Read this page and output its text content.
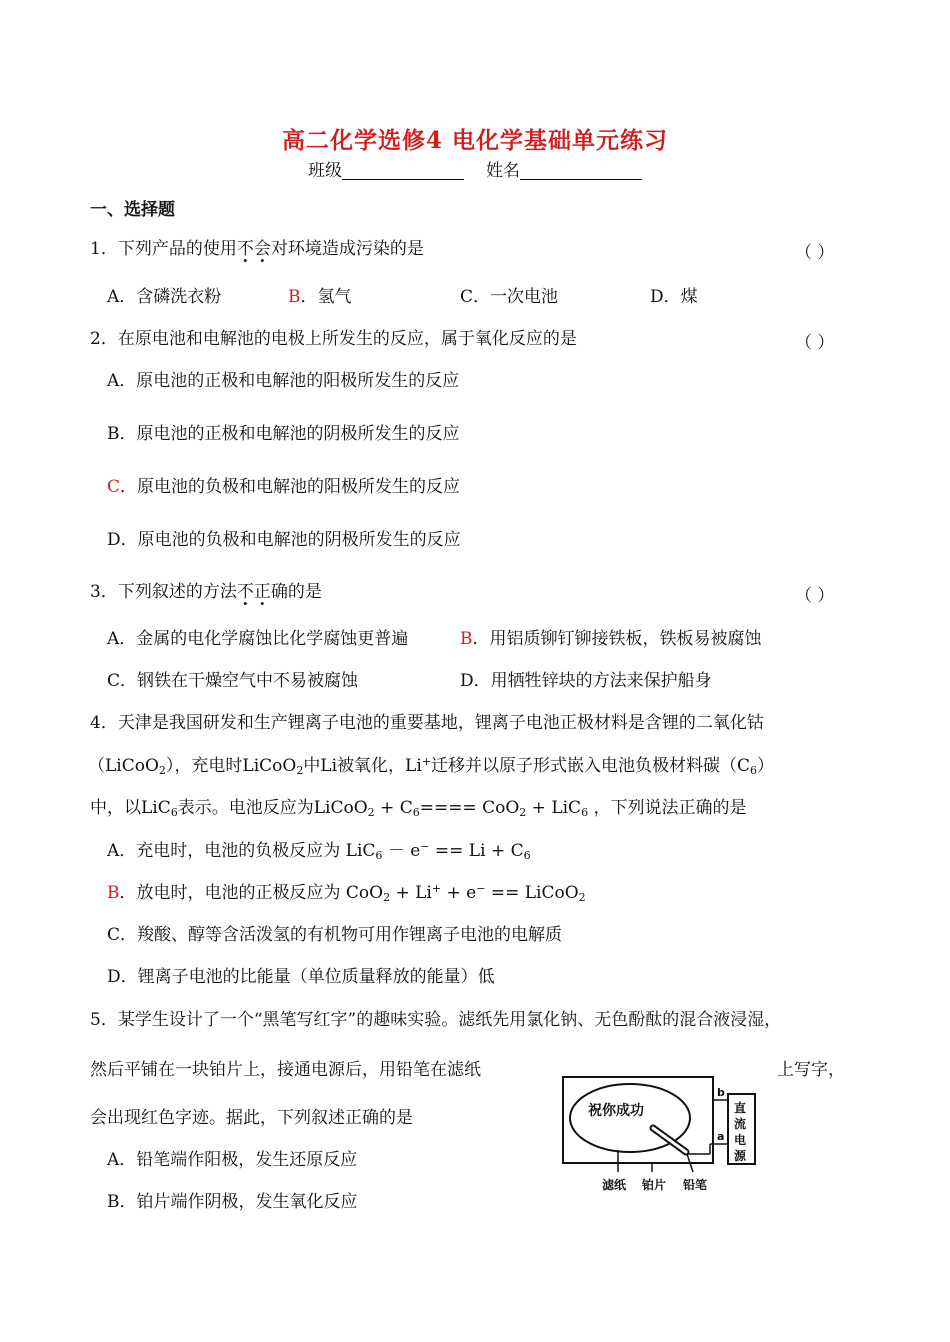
高二化学选修4 电化学基础单元练习
班级	姓名
一、选择题
1．下列产品的使用不会对环境造成污染的是	（ ）
A．含磷洗衣粉	B．氢气	C．一次电池	D．煤
2．在原电池和电解池的电极上所发生的反应，属于氧化反应的是	（ ）
A．原电池的正极和电解池的阳极所发生的反应
B．原电池的正极和电解池的阴极所发生的反应
C．原电池的负极和电解池的阳极所发生的反应
D．原电池的负极和电解池的阴极所发生的反应
3．下列叙述的方法不正确的是	（ ）
A．金属的电化学腐蚀比化学腐蚀更普遍	B．用铝质铆钉铆接铁板，铁板易被腐蚀
C．钢铁在干燥空气中不易被腐蚀	D．用牺牲锌块的方法来保护船身
4．天津是我国研发和生产锂离子电池的重要基地，锂离子电池正极材料是含锂的二氧化钴
（LiCoO$_2$），充电时LiCoO$_2$中Li被氧化，Li+迁移并以原子形式嵌入电池负极材料碳$(C_6)$
中，以LiC$_6$表示。电池反应为LiCoO$_2$ + $C_6==== CoO_2 + LiC_6$ ，下列说法正确的是
A．充电时，电池的负极反应为 $LiC_6 - e^- == Li + C_6$
B．放电时，电池的正极反应为 CoO$_2$ + Li+ + e− == LiCoO$_2$
C．羧酸、醇等含活泼氢的有机物可用作锂离子电池的电解质
D．锂离子电池的比能量（单位质量释放的能量）低
5．某学生设计了一个“黑笔写红字”的趣味实验。滤纸先用氯化钠、无色酚酞的混合液浸湿，
然后平铺在一块铂片上，接通电源后，用铅笔在滤纸	上写字，
会出现红色字迹。据此，下列叙述正确的是
A．铅笔端作阳极，发生还原反应
B．铂片端作阴极，发生氧化反应
祝你成功
b
a
直
流
电
源
滤纸 铂片 铅笔
